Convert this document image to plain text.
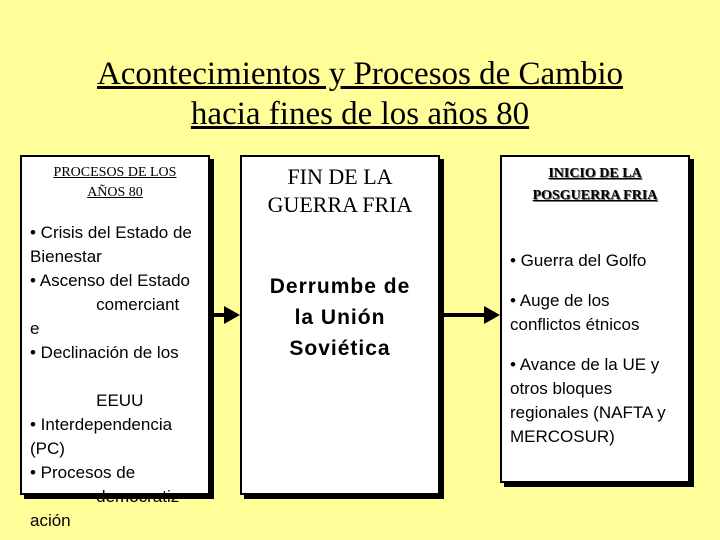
Acontecimientos y Procesos de Cambio
hacia fines de los años 80
PROCESOS DE LOS
AÑOS 80
• Crisis del Estado de        Bienestar
• Ascenso del Estado
comerciant
e
• Declinación de los

EEUU
• Interdependencia (PC)
• Procesos de
democratiz
ación
FIN DE LA
GUERRA FRIA
Derrumbe de
la Unión
Soviética
INICIO DE LA
POSGUERRA FRIA
• Guerra del Golfo
• Auge de los conflictos étnicos
• Avance de la UE y otros bloques regionales (NAFTA y MERCOSUR)
